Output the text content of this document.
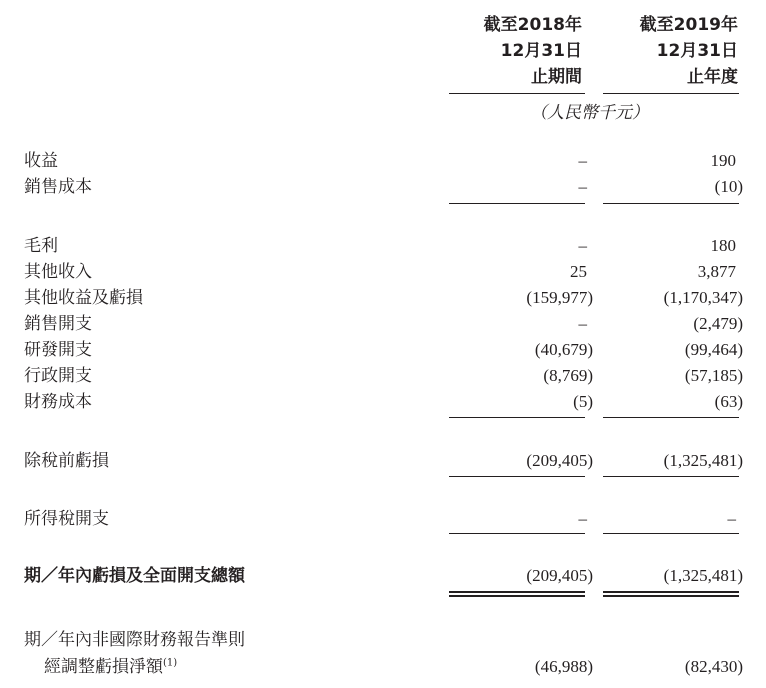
截至2018年
12月31日
止期間
截至2019年
12月31日
止年度
（人民幣千元）
收益	–	190
銷售成本	–	(10)
毛利	–	180
其他收入	25	3,877
其他收益及虧損	(159,977)	(1,170,347)
銷售開支	–	(2,479)
研發開支	(40,679)	(99,464)
行政開支	(8,769)	(57,185)
財務成本	(5)	(63)
除稅前虧損	(209,405)	(1,325,481)
所得稅開支	–	–
期／年內虧損及全面開支總額	(209,405)	(1,325,481)
期／年內非國際財務報告準則
經調整虧損淨額$^{(1)}$	(46,988)	(82,430)
